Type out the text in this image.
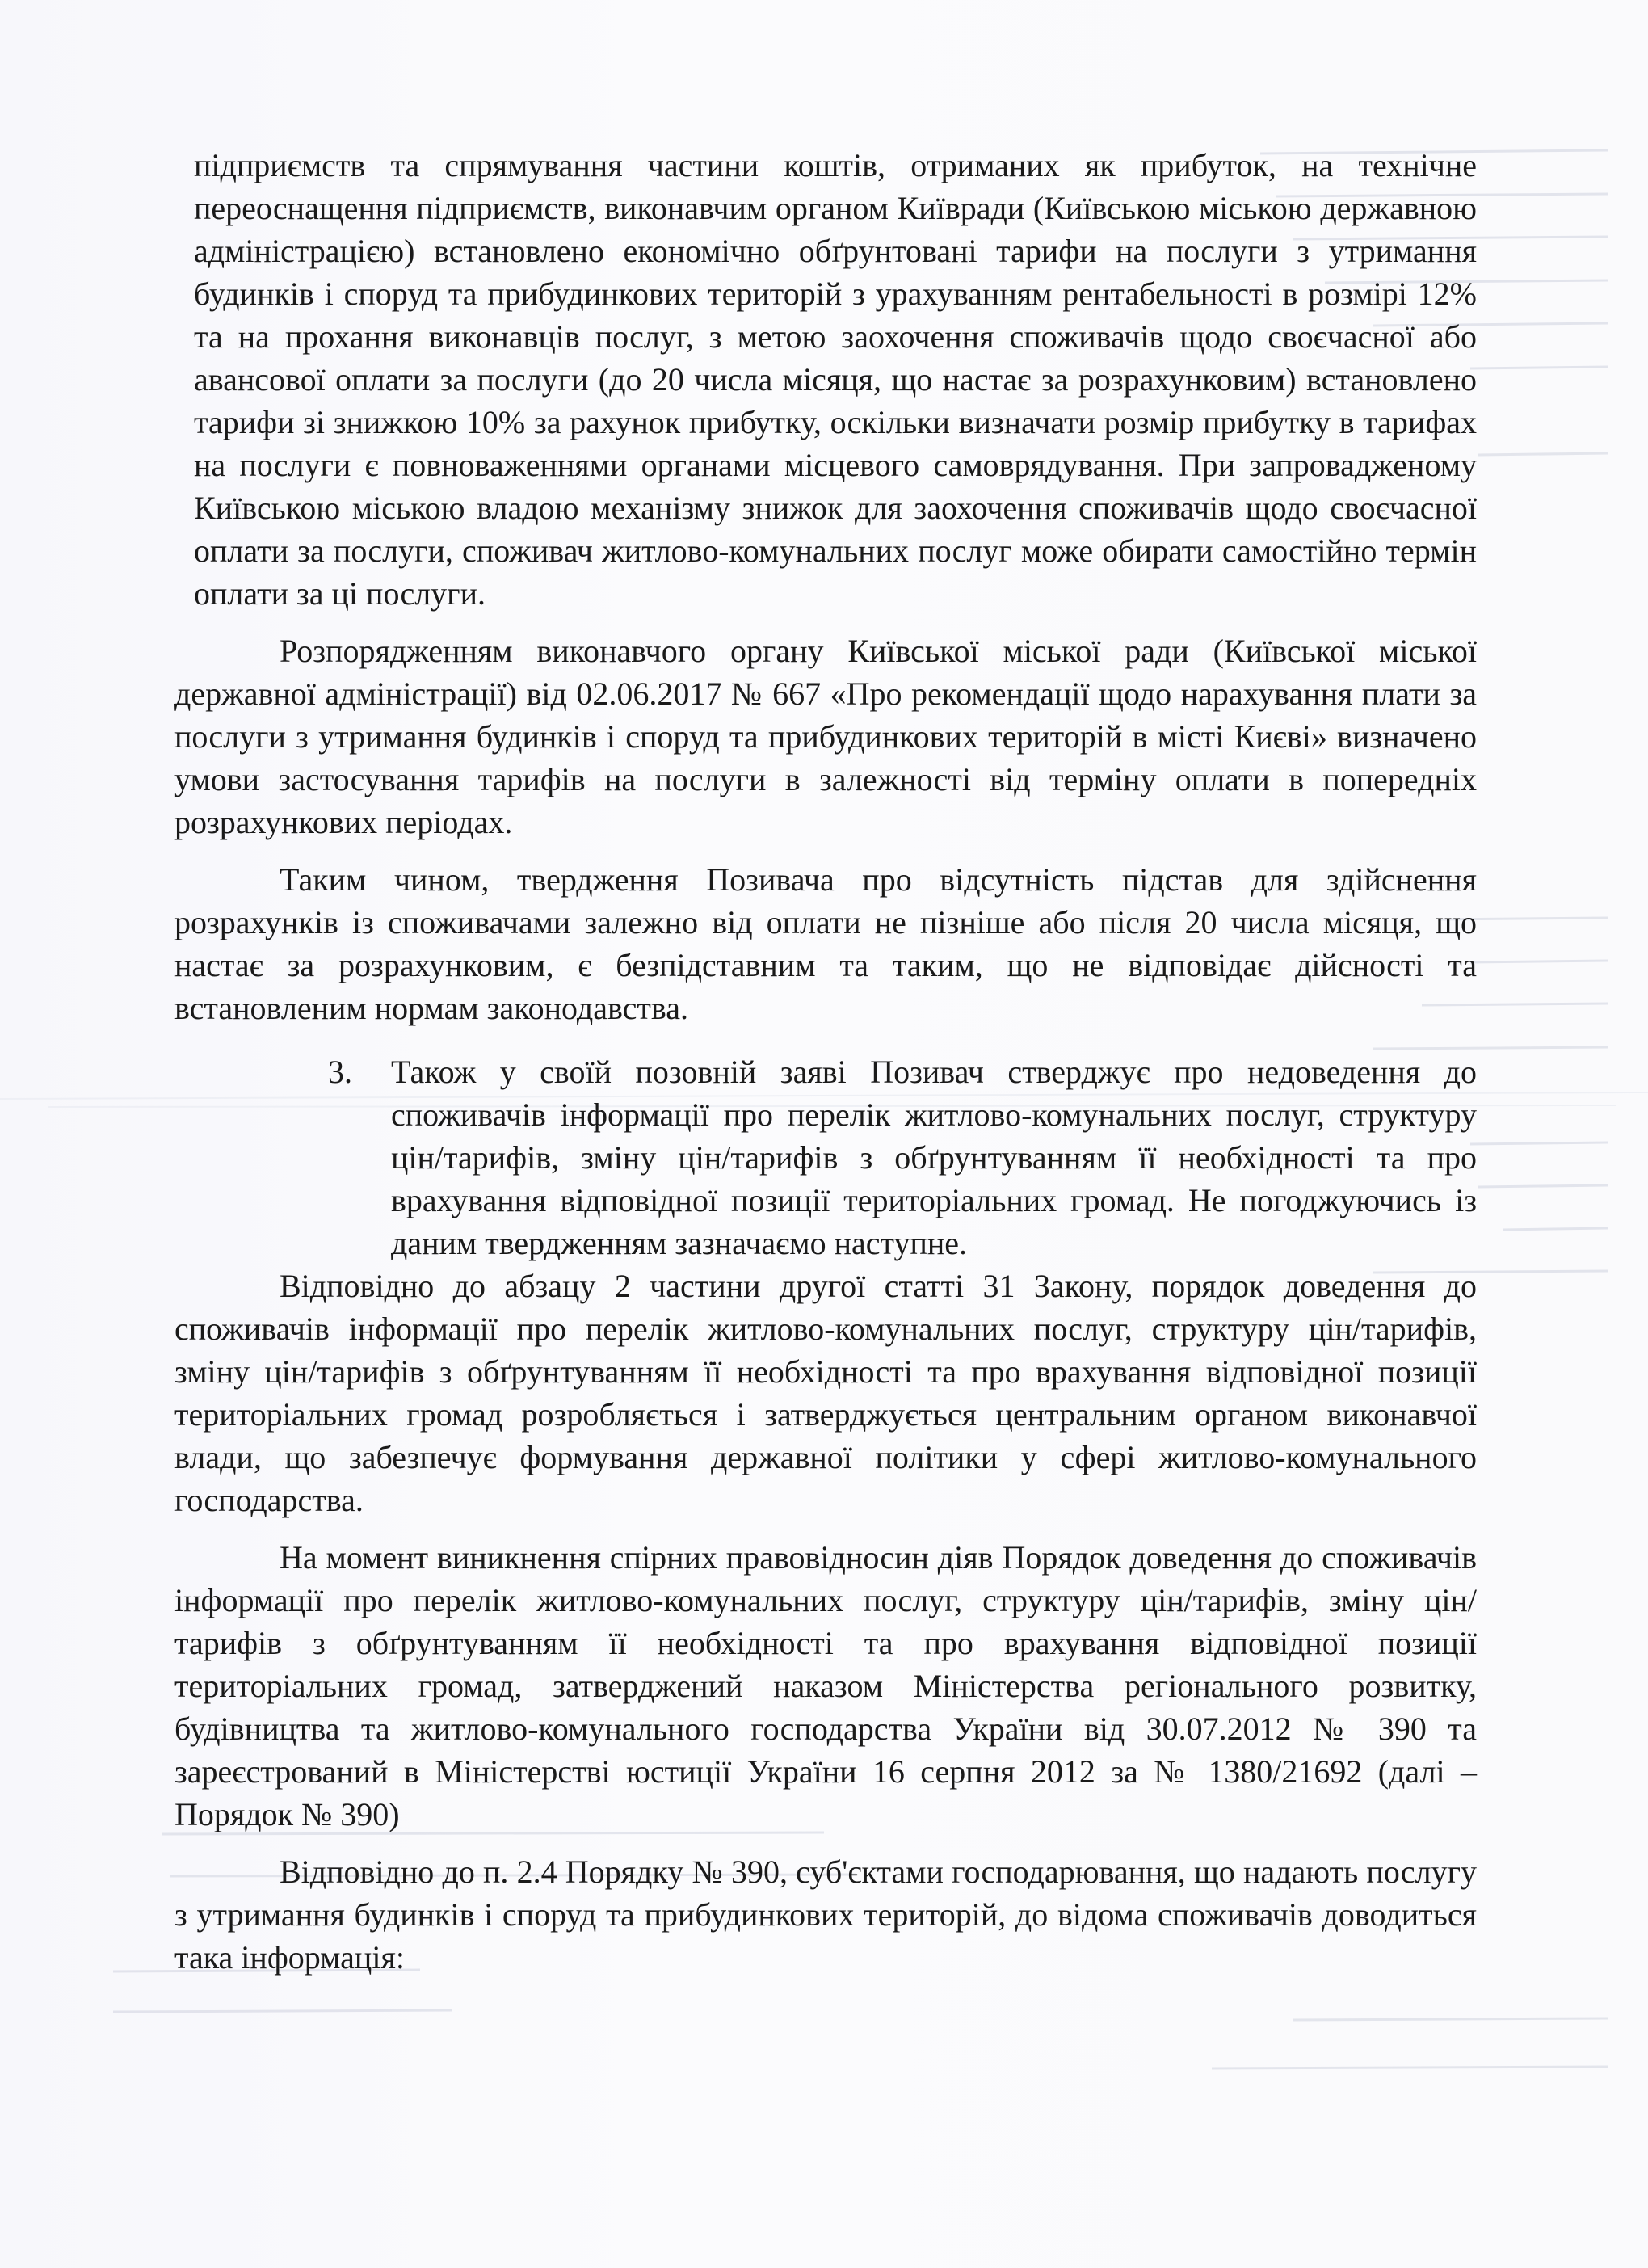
підприємств та спрямування частини коштів, отриманих як прибуток, на технічне переоснащення підприємств, виконавчим органом Київради (Київською міською державною адміністрацією) встановлено економічно обґрунтовані тарифи на послуги з утримання будинків і споруд та прибудинкових територій з урахуванням рентабельності в розмірі 12% та на прохання виконавців послуг, з метою заохочення споживачів щодо своєчасної або авансової оплати за послуги (до 20 числа місяця, що настає за розрахунковим) встановлено тарифи зі знижкою 10% за рахунок прибутку, оскільки визначати розмір прибутку в тарифах на послуги є повноваженнями органами місцевого самоврядування. При запровадженому Київською міською владою механізму знижок для заохочення споживачів щодо своєчасної оплати за послуги, споживач житлово-комунальних послуг може обирати самостійно термін оплати за ці послуги.

Розпорядженням виконавчого органу Київської міської ради (Київської міської державної адміністрації) від 02.06.2017 № 667 «Про рекомендації щодо нарахування плати за послуги з утримання будинків і споруд та прибудинкових територій в місті Києві» визначено умови застосування тарифів на послуги в залежності від терміну оплати в попередніх розрахункових періодах.

Таким чином, твердження Позивача про відсутність підстав для здійснення розрахунків із споживачами залежно від оплати не пізніше або після 20 числа місяця, що настає за розрахунковим, є безпідставним та таким, що не відповідає дійсності та встановленим нормам законодавства.

3.	Також у своїй позовній заяві Позивач стверджує про недоведення до споживачів інформації про перелік житлово-комунальних послуг, структуру цін/тарифів, зміну цін/тарифів з обґрунтуванням її необхідності та про врахування відповідної позиції територіальних громад. Не погоджуючись із даним твердженням зазначаємо наступне.

Відповідно до абзацу 2 частини другої статті 31 Закону, порядок доведення до споживачів інформації про перелік житлово-комунальних послуг, структуру цін/тарифів, зміну цін/тарифів з обґрунтуванням її необхідності та про врахування відповідної позиції територіальних громад розробляється і затверджується центральним органом виконавчої влади, що забезпечує формування державної політики у сфері житлово-комунального господарства.

На момент виникнення спірних правовідносин діяв Порядок доведення до споживачів інформації про перелік житлово-комунальних послуг, структуру цін/тарифів, зміну цін/тарифів з обґрунтуванням її необхідності та про врахування відповідної позиції територіальних громад, затверджений наказом Міністерства регіонального розвитку, будівництва та житлово-комунального господарства України від 30.07.2012 № 390 та зареєстрований в Міністерстві юстиції України 16 серпня 2012 за № 1380/21692 (далі – Порядок № 390)

Відповідно до п. 2.4 Порядку № 390, суб'єктами господарювання, що надають послугу з утримання будинків і споруд та прибудинкових територій, до відома споживачів доводиться така інформація:
